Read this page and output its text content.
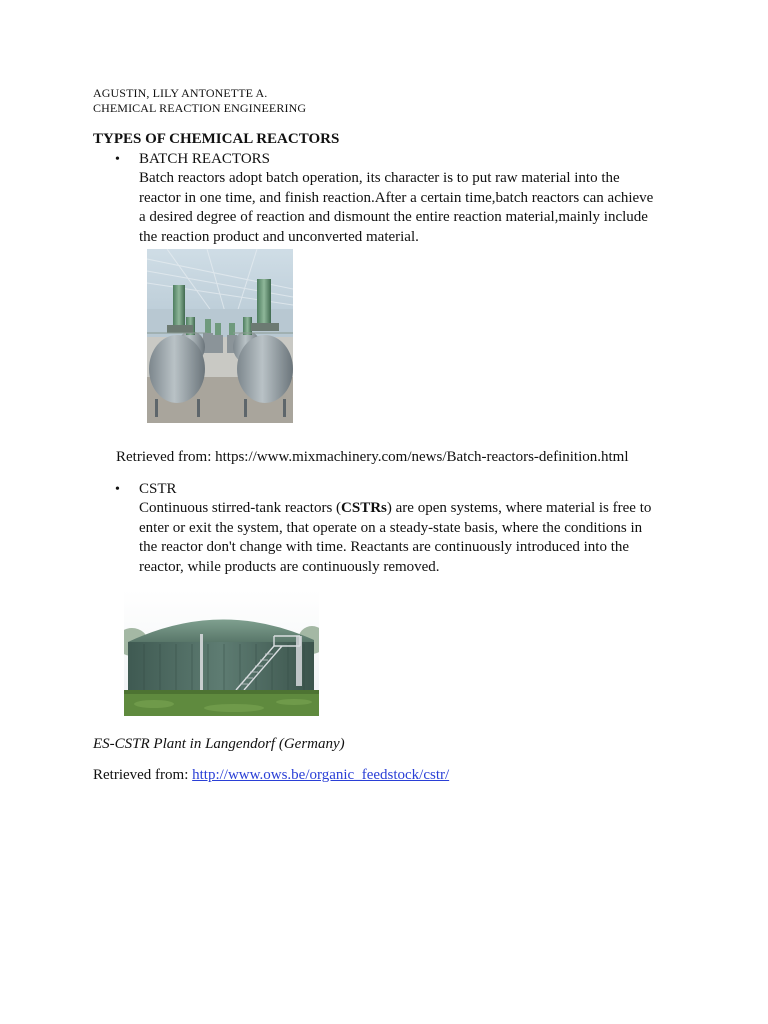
AGUSTIN, LILY ANTONETTE A.
CHEMICAL REACTION ENGINEERING
TYPES OF CHEMICAL REACTORS
• BATCH REACTORS
Batch reactors adopt batch operation, its character is to put raw material into the
reactor in one time, and finish reaction.After a certain time,batch reactors can achieve
a desired degree of reaction and dismount the entire reaction material,mainly include
the reaction product and unconverted material.
Retrieved from: https://www.mixmachinery.com/news/Batch-reactors-definition.html
• CSTR
Continuous stirred-tank reactors (CSTRs) are open systems, where material is free to
enter or exit the system, that operate on a steady-state basis, where the conditions in
the reactor don't change with time. Reactants are continuously introduced into the
reactor, while products are continuously removed.
ES-CSTR Plant in Langendorf (Germany)
Retrieved from: http://www.ows.be/organic_feedstock/cstr/
